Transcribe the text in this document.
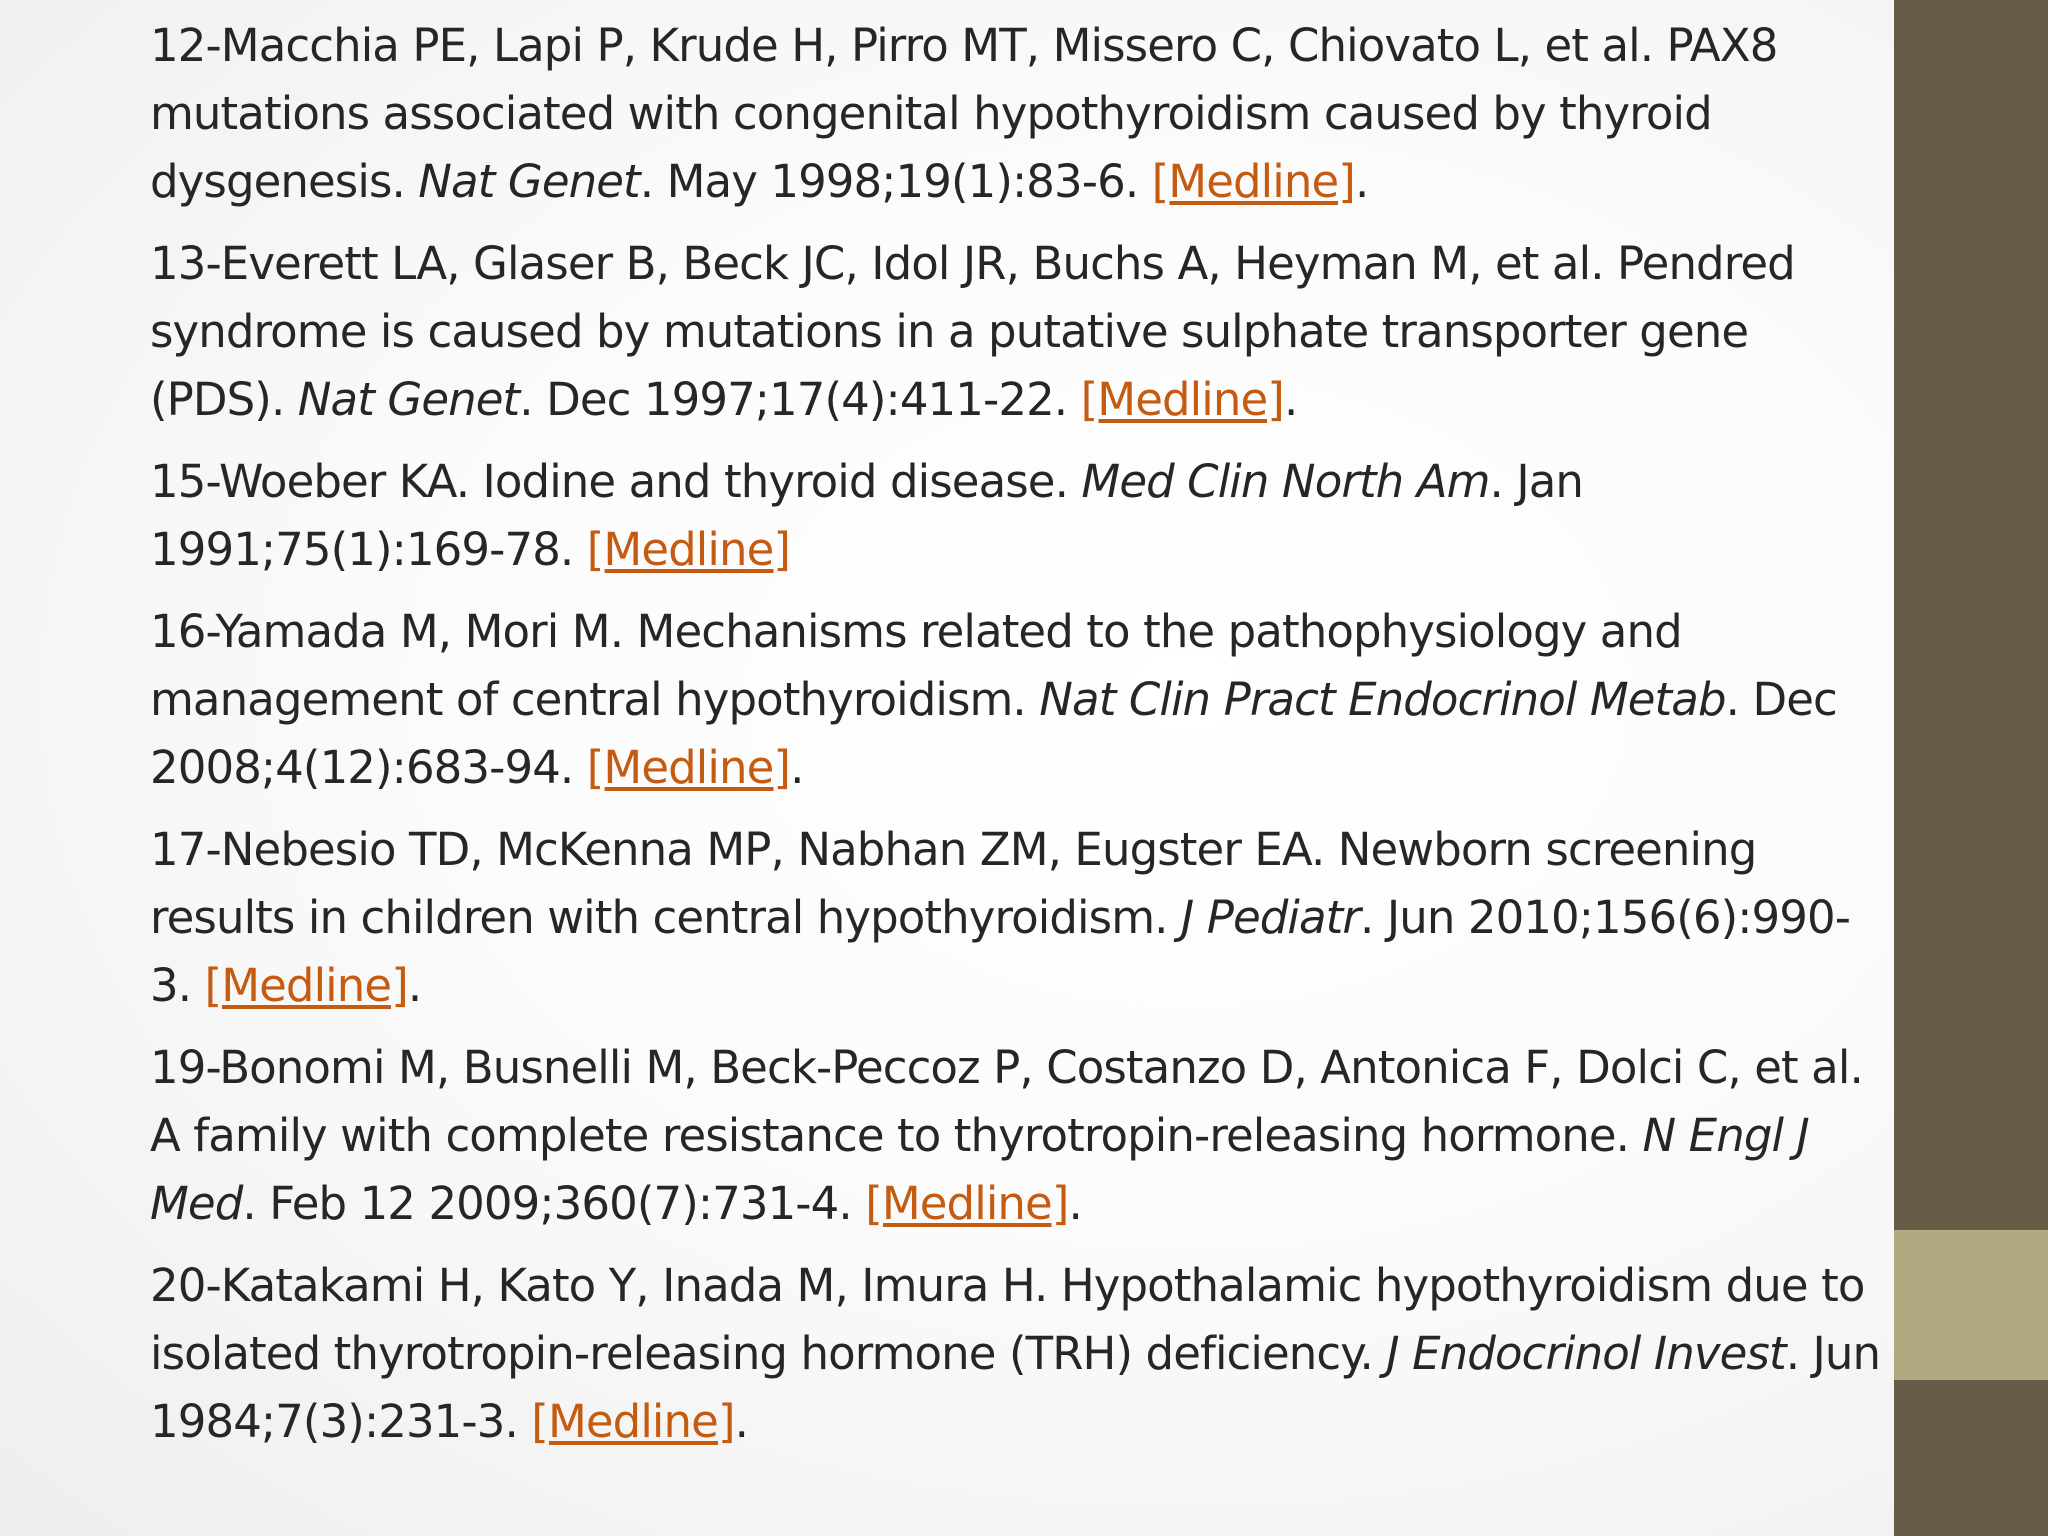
12-Macchia PE, Lapi P, Krude H, Pirro MT, Missero C, Chiovato L, et al. PAX8 mutations associated with congenital hypothyroidism caused by thyroid dysgenesis. Nat Genet. May 1998;19(1):83-6. [Medline].
13-Everett LA, Glaser B, Beck JC, Idol JR, Buchs A, Heyman M, et al. Pendred syndrome is caused by mutations in a putative sulphate transporter gene (PDS). Nat Genet. Dec 1997;17(4):411-22. [Medline].
15-Woeber KA. Iodine and thyroid disease. Med Clin North Am. Jan 1991;75(1):169-78. [Medline]
16-Yamada M, Mori M. Mechanisms related to the pathophysiology and management of central hypothyroidism. Nat Clin Pract Endocrinol Metab. Dec 2008;4(12):683-94. [Medline].
17-Nebesio TD, McKenna MP, Nabhan ZM, Eugster EA. Newborn screening results in children with central hypothyroidism. J Pediatr. Jun 2010;156(6):990-3. [Medline].
19-Bonomi M, Busnelli M, Beck-Peccoz P, Costanzo D, Antonica F, Dolci C, et al. A family with complete resistance to thyrotropin-releasing hormone. N Engl J Med. Feb 12 2009;360(7):731-4. [Medline].
20-Katakami H, Kato Y, Inada M, Imura H. Hypothalamic hypothyroidism due to isolated thyrotropin-releasing hormone (TRH) deficiency. J Endocrinol Invest. Jun 1984;7(3):231-3. [Medline].
